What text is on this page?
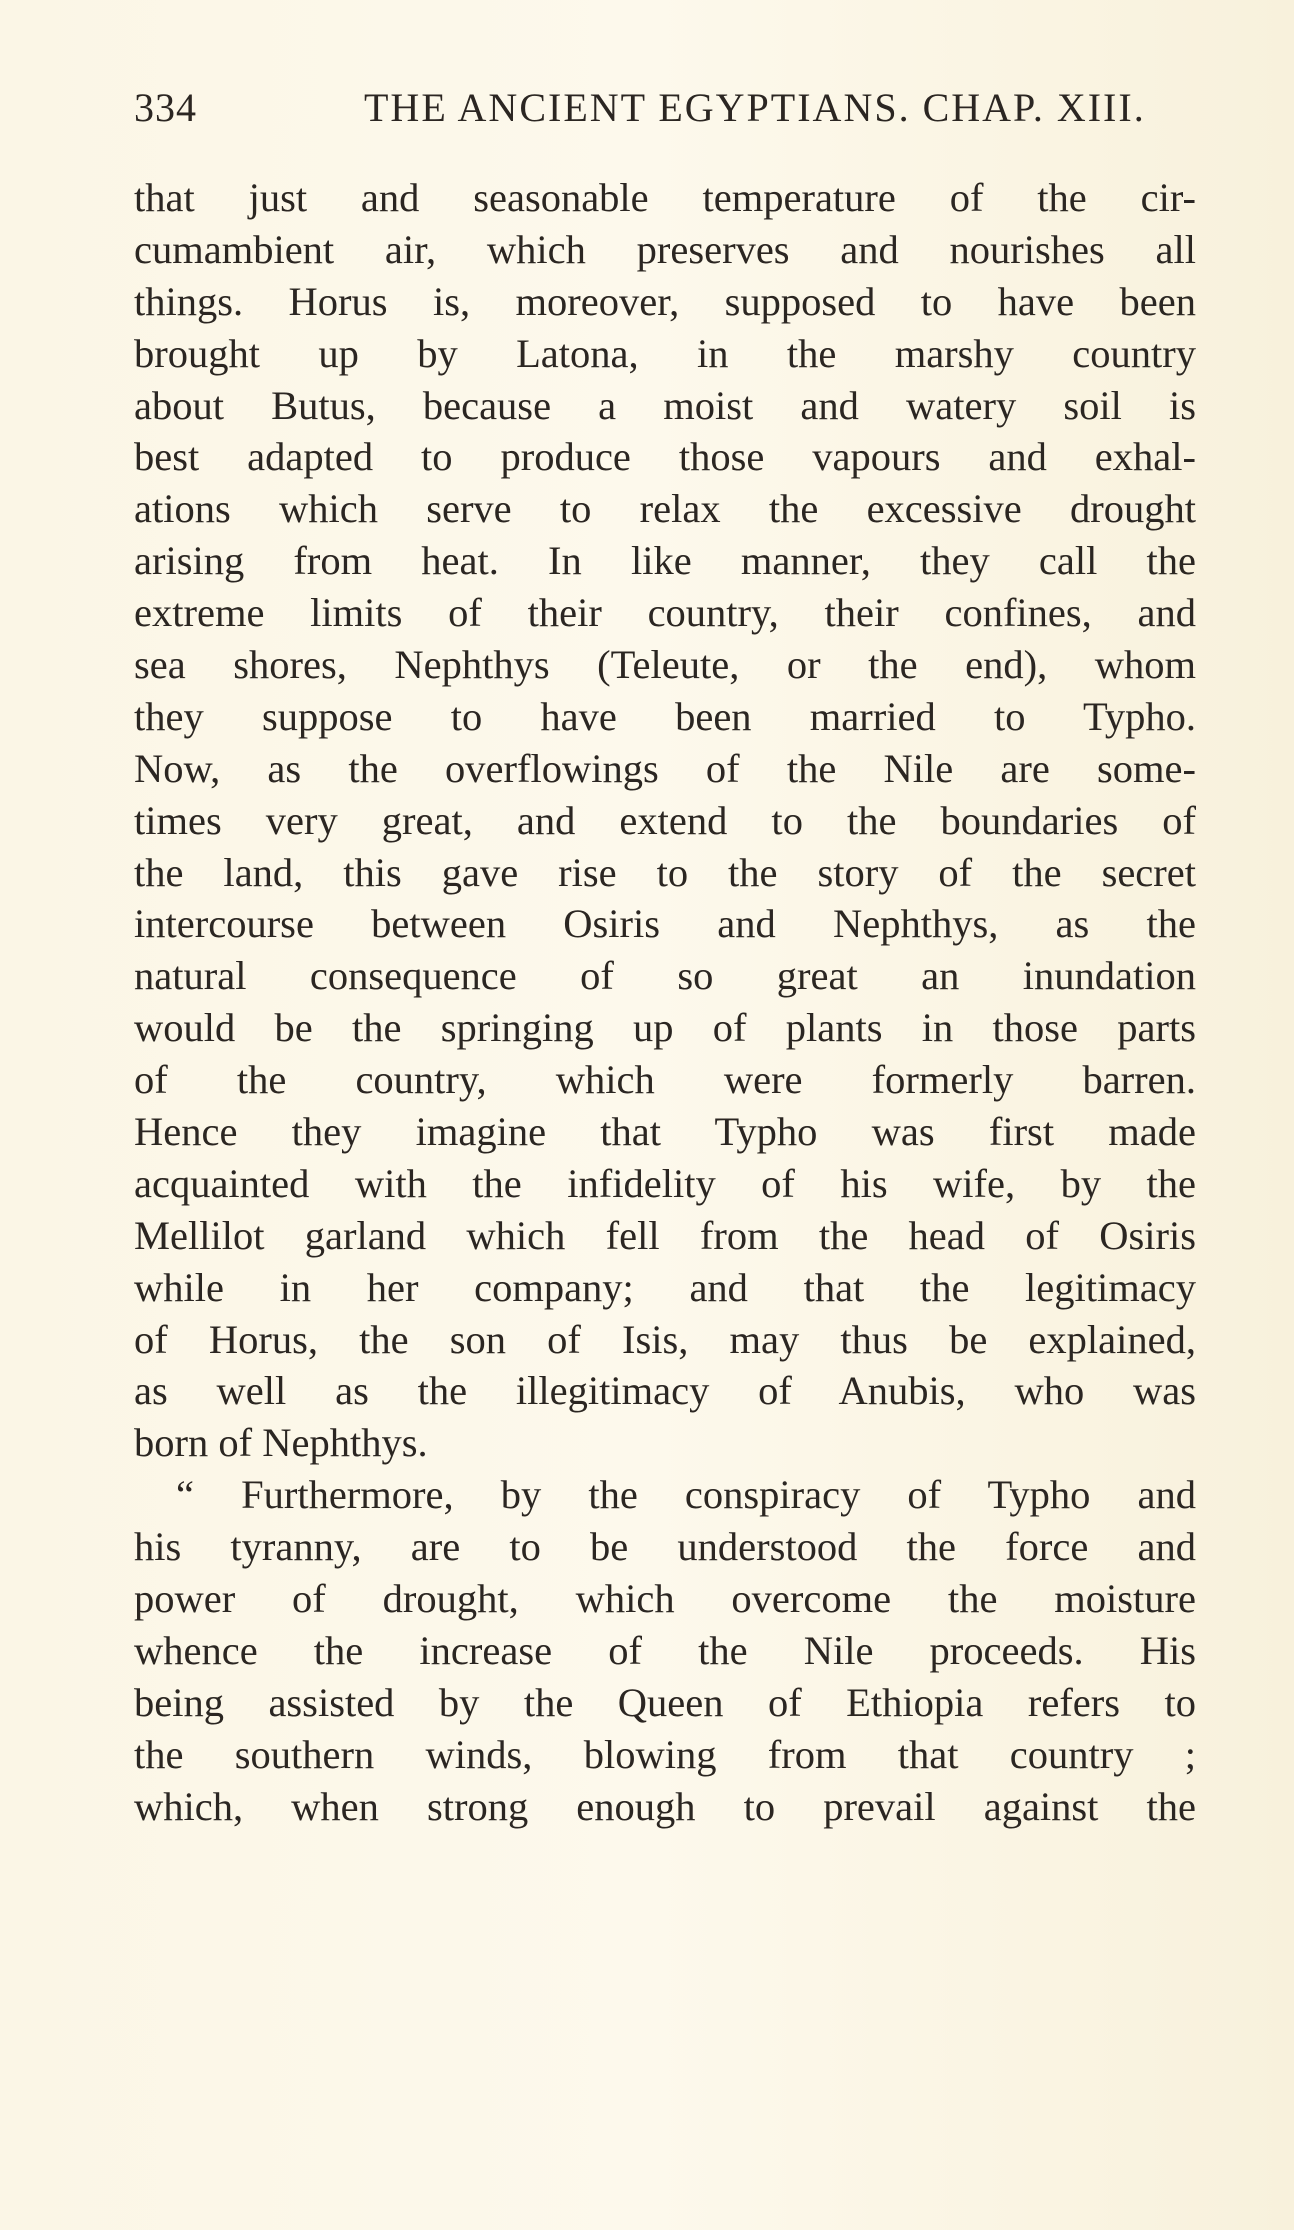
334	THE ANCIENT EGYPTIANS. CHAP. XIII.
that just and seasonable temperature of the cir-
cumambient air, which preserves and nourishes all
things. Horus is, moreover, supposed to have been
brought up by Latona, in the marshy country
about Butus, because a moist and watery soil is
best adapted to produce those vapours and exhal-
ations which serve to relax the excessive drought
arising from heat. In like manner, they call the
extreme limits of their country, their confines, and
sea shores, Nephthys (Teleute, or the end), whom
they suppose to have been married to Typho.
Now, as the overflowings of the Nile are some-
times very great, and extend to the boundaries of
the land, this gave rise to the story of the secret
intercourse between Osiris and Nephthys, as the
natural consequence of so great an inundation
would be the springing up of plants in those parts
of the country, which were formerly barren.
Hence they imagine that Typho was first made
acquainted with the infidelity of his wife, by the
Mellilot garland which fell from the head of Osiris
while in her company; and that the legitimacy
of Horus, the son of Isis, may thus be explained,
as well as the illegitimacy of Anubis, who was
born of Nephthys.
“ Furthermore, by the conspiracy of Typho and
his tyranny, are to be understood the force and
power of drought, which overcome the moisture
whence the increase of the Nile proceeds. His
being assisted by the Queen of Ethiopia refers to
the southern winds, blowing from that country ;
which, when strong enough to prevail against the
